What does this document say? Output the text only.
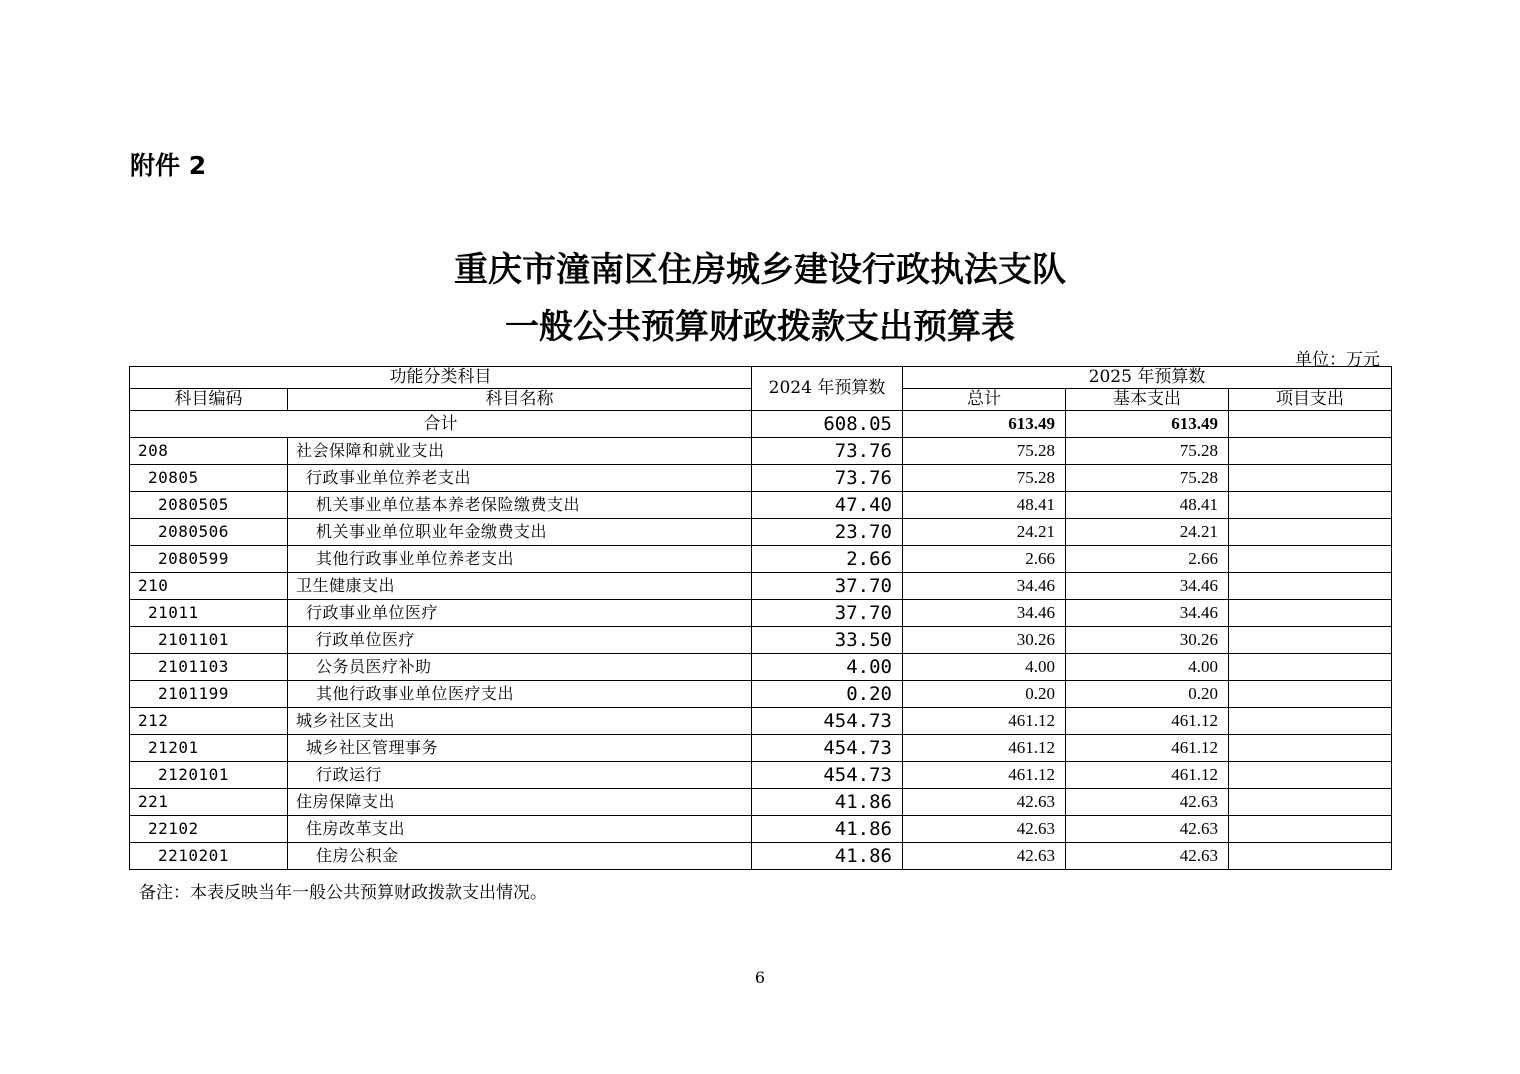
附件 2
重庆市潼南区住房城乡建设行政执法支队
一般公共预算财政拨款支出预算表
单位：万元
功能分类科目		2024 年预算数	2025 年预算数		
科目编码	科目名称		总计	基本支出	项目支出
合计		608.05	613.49	613.49	
208	社会保障和就业支出	73.76	75.28	75.28	
20805	行政事业单位养老支出	73.76	75.28	75.28	
2080505	机关事业单位基本养老保险缴费支出	47.40	48.41	48.41	
2080506	机关事业单位职业年金缴费支出	23.70	24.21	24.21	
2080599	其他行政事业单位养老支出	2.66	2.66	2.66	
210	卫生健康支出	37.70	34.46	34.46	
21011	行政事业单位医疗	37.70	34.46	34.46	
2101101	行政单位医疗	33.50	30.26	30.26	
2101103	公务员医疗补助	4.00	4.00	4.00	
2101199	其他行政事业单位医疗支出	0.20	0.20	0.20	
212	城乡社区支出	454.73	461.12	461.12	
21201	城乡社区管理事务	454.73	461.12	461.12	
2120101	行政运行	454.73	461.12	461.12	
221	住房保障支出	41.86	42.63	42.63	
22102	住房改革支出	41.86	42.63	42.63	
2210201	住房公积金	41.86	42.63	42.63	
备注：本表反映当年一般公共预算财政拨款支出情况。
6
